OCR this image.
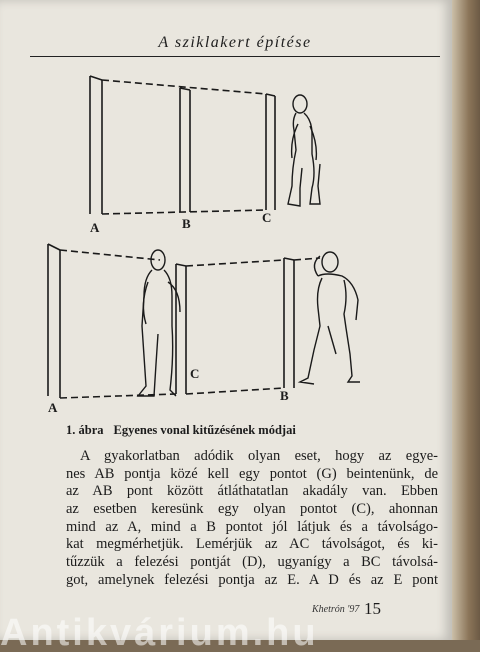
A sziklakert építése
A	B	C
A
C
B
1. ábra Egyenes vonal kitűzésének módjai
A gyakorlatban adódik olyan eset, hogy az egye-
nes AB pontja közé kell egy pontot (G) beintenünk, de
az AB pont között átláthatatlan akadály van. Ebben
az esetben keresünk egy olyan pontot (C), ahonnan
mind az A, mind a B pontot jól látjuk és a távolságo-
kat megmérhetjük. Lemérjük az AC távolságot, és ki-
tűzzük a felezési pontját (D), ugyanígy a BC távolsá-
got, amelynek felezési pontja az E. A D és az E pont
Khetrón '97 15
Antikvárium.hu
